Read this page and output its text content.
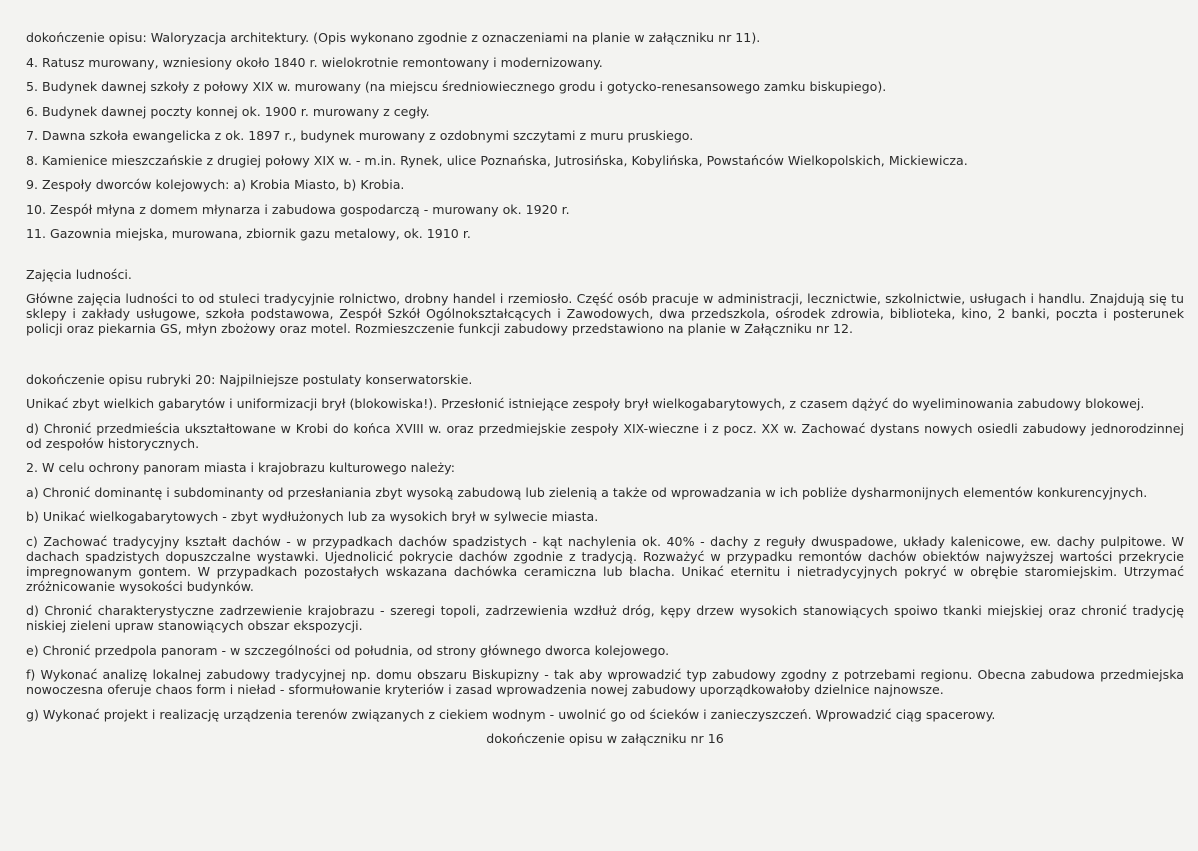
dokończenie opisu: Waloryzacja architektury. (Opis wykonano zgodnie z oznaczeniami na planie w załączniku nr 11).

4. Ratusz murowany, wzniesiony około 1840 r. wielokrotnie remontowany i modernizowany.

5. Budynek dawnej szkoły z połowy XIX w. murowany (na miejscu średniowiecznego grodu i gotycko-renesansowego zamku biskupiego).

6. Budynek dawnej poczty konnej ok. 1900 r. murowany z cegły.

7. Dawna szkoła ewangelicka z ok. 1897 r., budynek murowany z ozdobnymi szczytami z muru pruskiego.

8. Kamienice mieszczańskie z drugiej połowy XIX w. - m.in. Rynek, ulice Poznańska, Jutrosińska, Kobylińska, Powstańców Wielkopolskich, Mickiewicza.

9. Zespoły dworców kolejowych: a) Krobia Miasto, b) Krobia.

10. Zespół młyna z domem młynarza i zabudowa gospodarczą - murowany ok. 1920 r.

11. Gazownia miejska, murowana, zbiornik gazu metalowy, ok. 1910 r.

Zajęcia ludności.

Główne zajęcia ludności to od stuleci tradycyjnie rolnictwo, drobny handel i rzemiosło. Część osób pracuje w administracji, lecznictwie, szkolnictwie, usługach i handlu. Znajdują się tu sklepy i zakłady usługowe, szkoła podstawowa, Zespół Szkół Ogólnokształcących i Zawodowych, dwa przedszkola, ośrodek zdrowia, biblioteka, kino, 2 banki, poczta i posterunek policji oraz piekarnia GS, młyn zbożowy oraz motel. Rozmieszczenie funkcji zabudowy przedstawiono na planie w Załączniku nr 12.

dokończenie opisu rubryki 20: Najpilniejsze postulaty konserwatorskie.

Unikać zbyt wielkich gabarytów i uniformizacji brył (blokowiska!). Przesłonić istniejące zespoły brył wielkogabarytowych, z czasem dążyć do wyeliminowania zabudowy blokowej.

d) Chronić przedmieścia ukształtowane w Krobi do końca XVIII w. oraz przedmiejskie zespoły XIX-wieczne i z pocz. XX w. Zachować dystans nowych osiedli zabudowy jednorodzinnej od zespołów historycznych.

2. W celu ochrony panoram miasta i krajobrazu kulturowego należy:

a) Chronić dominantę i subdominanty od przesłaniania zbyt wysoką zabudową lub zielenią a także od wprowadzania w ich pobliże dysharmonijnych elementów konkurencyjnych.

b) Unikać wielkogabarytowych - zbyt wydłużonych lub za wysokich brył w sylwecie miasta.

c) Zachować tradycyjny kształt dachów - w przypadkach dachów spadzistych - kąt nachylenia ok. 40% - dachy z reguły dwuspadowe, układy kalenicowe, ew. dachy pulpitowe. W dachach spadzistych dopuszczalne wystawki. Ujednolicić pokrycie dachów zgodnie z tradycją. Rozważyć w przypadku remontów dachów obiektów najwyższej wartości przekrycie impregnowanym gontem. W przypadkach pozostałych wskazana dachówka ceramiczna lub blacha. Unikać eternitu i nietradycyjnych pokryć w obrębie staromiejskim. Utrzymać zróżnicowanie wysokości budynków.

d) Chronić charakterystyczne zadrzewienie krajobrazu - szeregi topoli, zadrzewienia wzdłuż dróg, kępy drzew wysokich stanowiących spoiwo tkanki miejskiej oraz chronić tradycję niskiej zieleni upraw stanowiących obszar ekspozycji.

e) Chronić przedpola panoram - w szczególności od południa, od strony głównego dworca kolejowego.

f) Wykonać analizę lokalnej zabudowy tradycyjnej np. domu obszaru Biskupizny - tak aby wprowadzić typ zabudowy zgodny z potrzebami regionu. Obecna zabudowa przedmiejska nowoczesna oferuje chaos form i nieład - sformułowanie kryteriów i zasad wprowadzenia nowej zabudowy uporządkowałoby dzielnice najnowsze.

g) Wykonać projekt i realizację urządzenia terenów związanych z ciekiem wodnym - uwolnić go od ścieków i zanieczyszczeń. Wprowadzić ciąg spacerowy.

dokończenie opisu w załączniku nr 16
